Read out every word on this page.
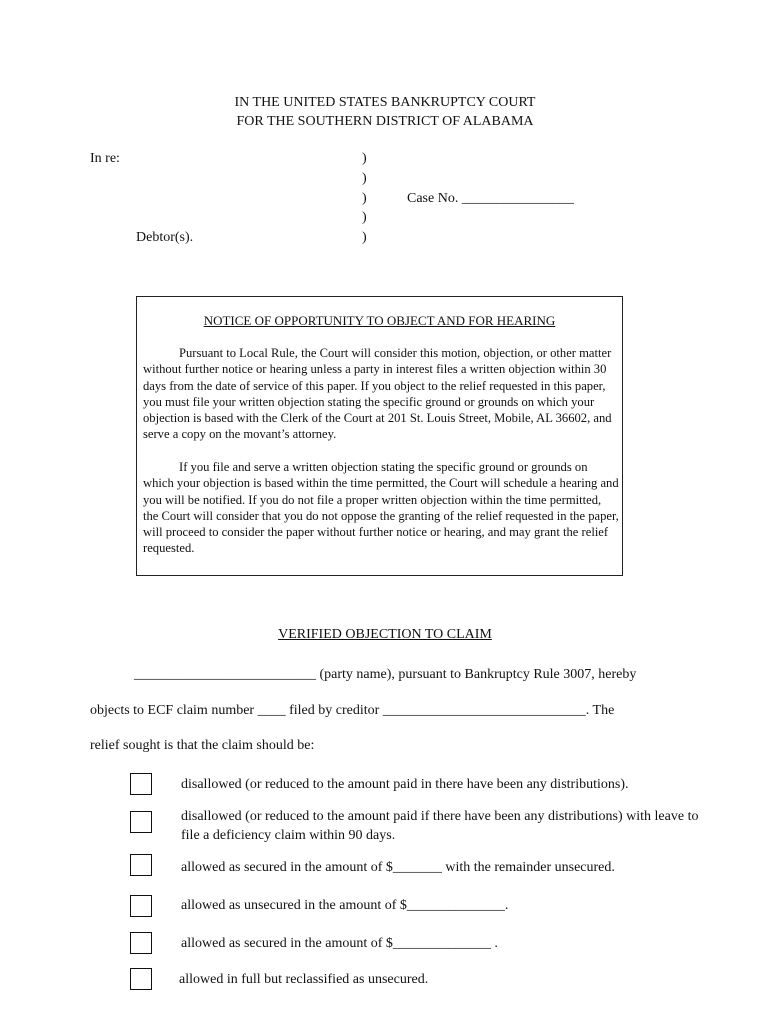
IN THE UNITED STATES BANKRUPTCY COURT
FOR THE SOUTHERN DISTRICT OF ALABAMA
In re:	)
)
)	Case No. ________________
)
Debtor(s).	)
NOTICE OF OPPORTUNITY TO OBJECT AND FOR HEARING
Pursuant to Local Rule, the Court will consider this motion, objection, or other matter without further notice or hearing unless a party in interest files a written objection within 30 days from the date of service of this paper. If you object to the relief requested in this paper, you must file your written objection stating the specific ground or grounds on which your objection is based with the Clerk of the Court at 201 St. Louis Street, Mobile, AL 36602, and serve a copy on the movant’s attorney.
If you file and serve a written objection stating the specific ground or grounds on which your objection is based within the time permitted, the Court will schedule a hearing and you will be notified. If you do not file a proper written objection within the time permitted, the Court will consider that you do not oppose the granting of the relief requested in the paper, will proceed to consider the paper without further notice or hearing, and may grant the relief requested.
VERIFIED OBJECTION TO CLAIM
__________________________ (party name), pursuant to Bankruptcy Rule 3007, hereby
objects to ECF claim number ____ filed by creditor _____________________________. The
relief sought is that the claim should be:
disallowed (or reduced to the amount paid in there have been any distributions).
disallowed (or reduced to the amount paid if there have been any distributions) with leave to
file a deficiency claim within 90 days.
allowed as secured in the amount of $_______ with the remainder unsecured.
allowed as unsecured in the amount of $______________.
allowed as secured in the amount of $______________ .
allowed in full but reclassified as unsecured.
